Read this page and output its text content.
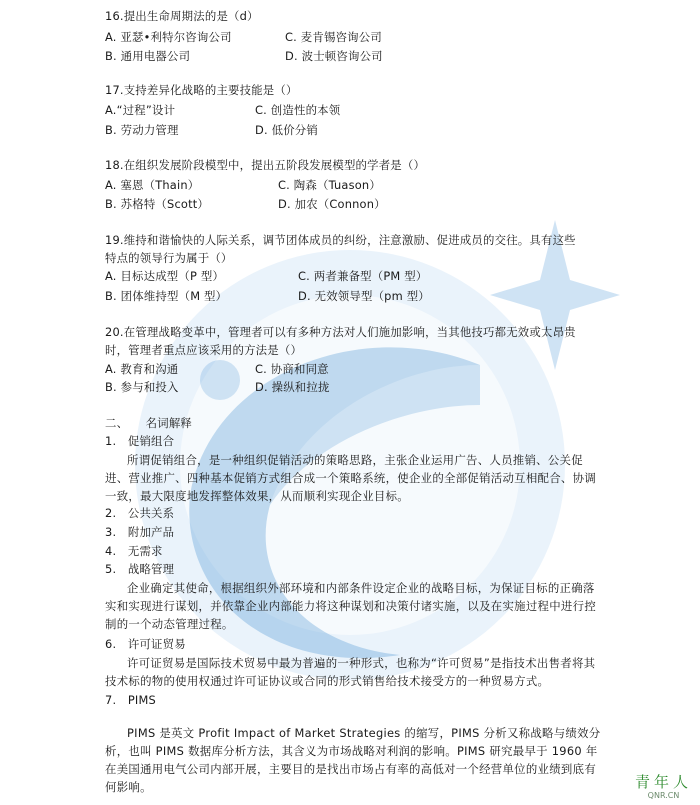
16.提出生命周期法的是（d）
A. 亚瑟•利特尔咨询公司	C. 麦肯锡咨询公司
B. 通用电器公司	D. 波士顿咨询公司
17.支持差异化战略的主要技能是（）
A.“过程”设计	C. 创造性的本领
B. 劳动力管理	D. 低价分销
18.在组织发展阶段模型中，提出五阶段发展模型的学者是（）
A. 塞恩（Thain）	C. 陶森（Tuason）
B. 苏格特（Scott）	D. 加农（Connon）
19.维持和谐愉快的人际关系，调节团体成员的纠纷，注意激励、促进成员的交往。具有这些
特点的领导行为属于（）
A. 目标达成型（P 型）	C. 两者兼备型（PM 型）
B. 团体维持型（M 型）	D. 无效领导型（pm 型）
20.在管理战略变革中，管理者可以有多种方法对人们施加影响，当其他技巧都无效或太昂贵
时，管理者重点应该采用的方法是（）
A. 教育和沟通	C. 协商和同意
B. 参与和投入	D. 操纵和拉拢
二、　　名词解释
1.　促销组合
所谓促销组合，是一种组织促销活动的策略思路，主张企业运用广告、人员推销、公关促进、营业推广、四种基本促销方式组合成一个策略系统，使企业的全部促销活动互相配合、协调一致，最大限度地发挥整体效果，从而顺利实现企业目标。
2.　公共关系
3.　附加产品
4.　无需求
5.　战略管理
企业确定其使命，根据组织外部环境和内部条件设定企业的战略目标，为保证目标的正确落实和实现进行谋划，并依靠企业内部能力将这种谋划和决策付诸实施，以及在实施过程中进行控制的一个动态管理过程。
6.　许可证贸易
许可证贸易是国际技术贸易中最为普遍的一种形式，也称为“许可贸易”是指技术出售者将其技术标的物的使用权通过许可证协议或合同的形式销售给技术接受方的一种贸易方式。
7.　PIMS
PIMS 是英文 Profit Impact of Market Strategies 的缩写，PIMS 分析又称战略与绩效分析，也叫 PIMS 数据库分析方法，其含义为市场战略对利润的影响。PIMS 研究最早于 1960 年在美国通用电气公司内部开展，主要目的是找出市场占有率的高低对一个经营单位的业绩到底有何影响。	青年人
QNR.CN
